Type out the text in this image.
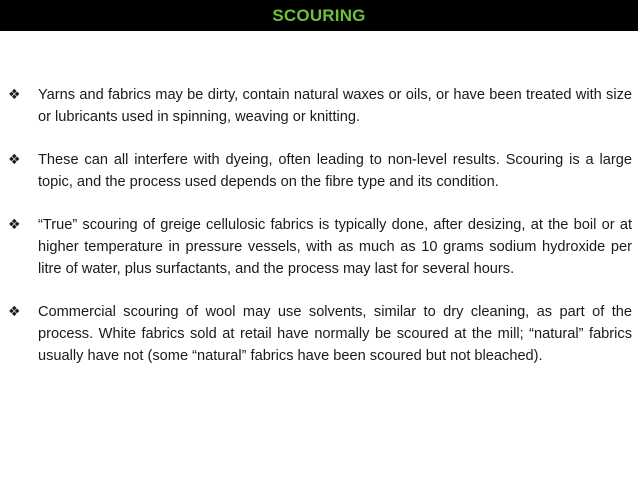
SCOURING
❖	Yarns and fabrics may be dirty, contain natural waxes or oils, or have been treated with size or lubricants used in spinning, weaving or knitting.
❖	These can all interfere with dyeing, often leading to non-level results. Scouring is a large topic, and the process used depends on the fibre type and its condition.
❖	“True” scouring of greige cellulosic fabrics is typically done, after desizing, at the boil or at higher temperature in pressure vessels, with as much as 10 grams sodium hydroxide per litre of water, plus surfactants, and the process may last for several hours.
❖	Commercial scouring of wool may use solvents, similar to dry cleaning, as part of the process. White fabrics sold at retail have normally be scoured at the mill; “natural” fabrics usually have not (some “natural” fabrics have been scoured but not bleached).
